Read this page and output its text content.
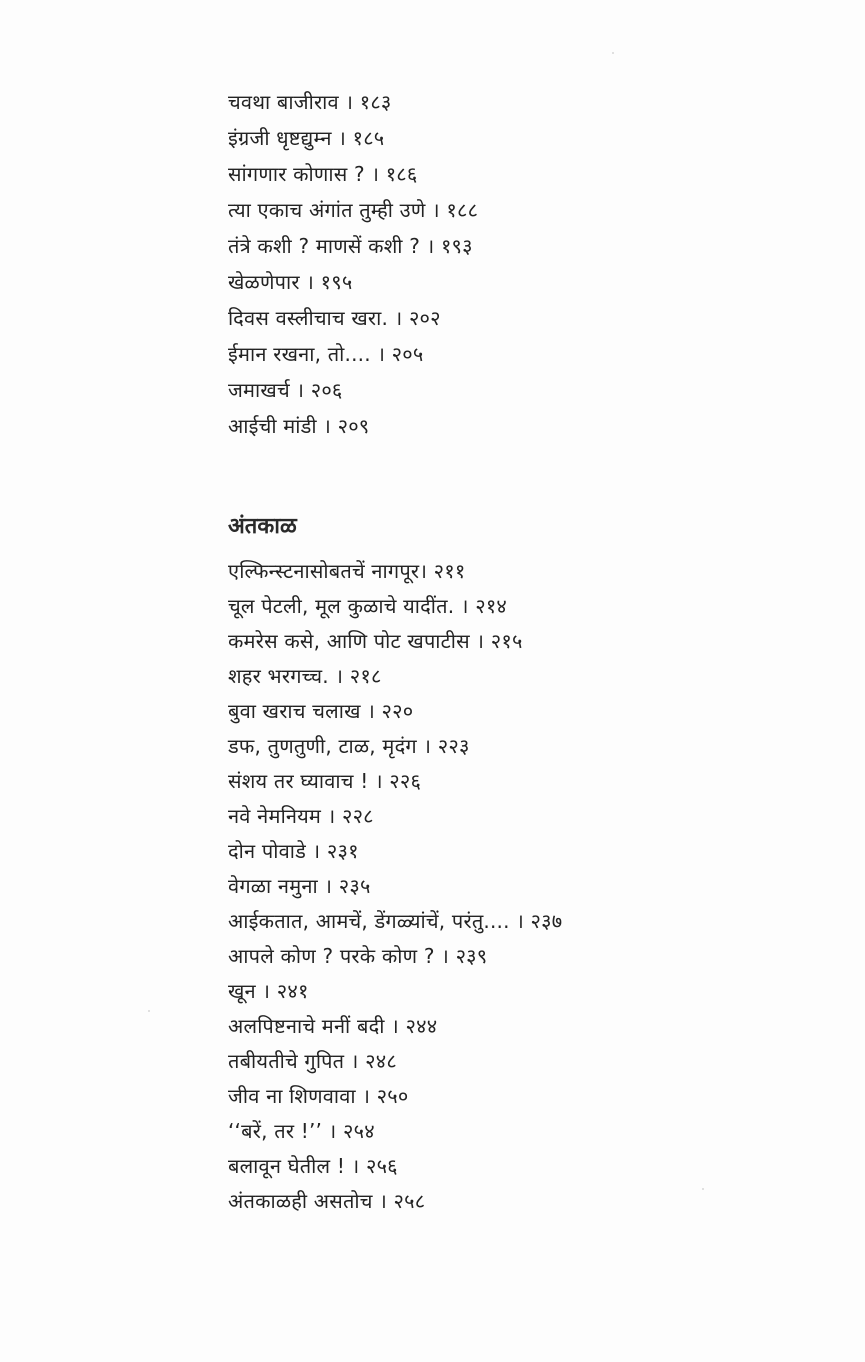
चवथा बाजीराव । १८३
इंग्रजी धृष्टद्युम्न । १८५
सांगणार कोणास ? । १८६
त्या एकाच अंगांत तुम्ही उणे । १८८
तंत्रे कशी ? माणसें कशी ? । १९३
खेळणेपार । १९५
दिवस वस्लीचाच खरा. । २०२
ईमान रखना, तो.... । २०५
जमाखर्च । २०६
आईची मांडी । २०९
अंतकाळ
एल्फिन्स्टनासोबतचें नागपूर। २११
चूल पेटली, मूल कुळाचे यादींत. । २१४
कमरेस कसे, आणि पोट खपाटीस । २१५
शहर भरगच्च. । २१८
बुवा खराच चलाख । २२०
डफ, तुणतुणी, टाळ, मृदंग । २२३
संशय तर घ्यावाच ! । २२६
नवे नेमनियम । २२८
दोन पोवाडे । २३१
वेगळा नमुना । २३५
आईकतात, आमचें, डेंगळ्यांचें, परंतु.... । २३७
आपले कोण ? परके कोण ? । २३९
खून । २४१
अलपिष्टनाचे मनीं बदी । २४४
तबीयतीचे गुपित । २४८
जीव ना शिणवावा । २५०
‘‘बरें, तर !’’ । २५४
बलावून घेतील ! । २५६
अंतकाळही असतोच । २५८
